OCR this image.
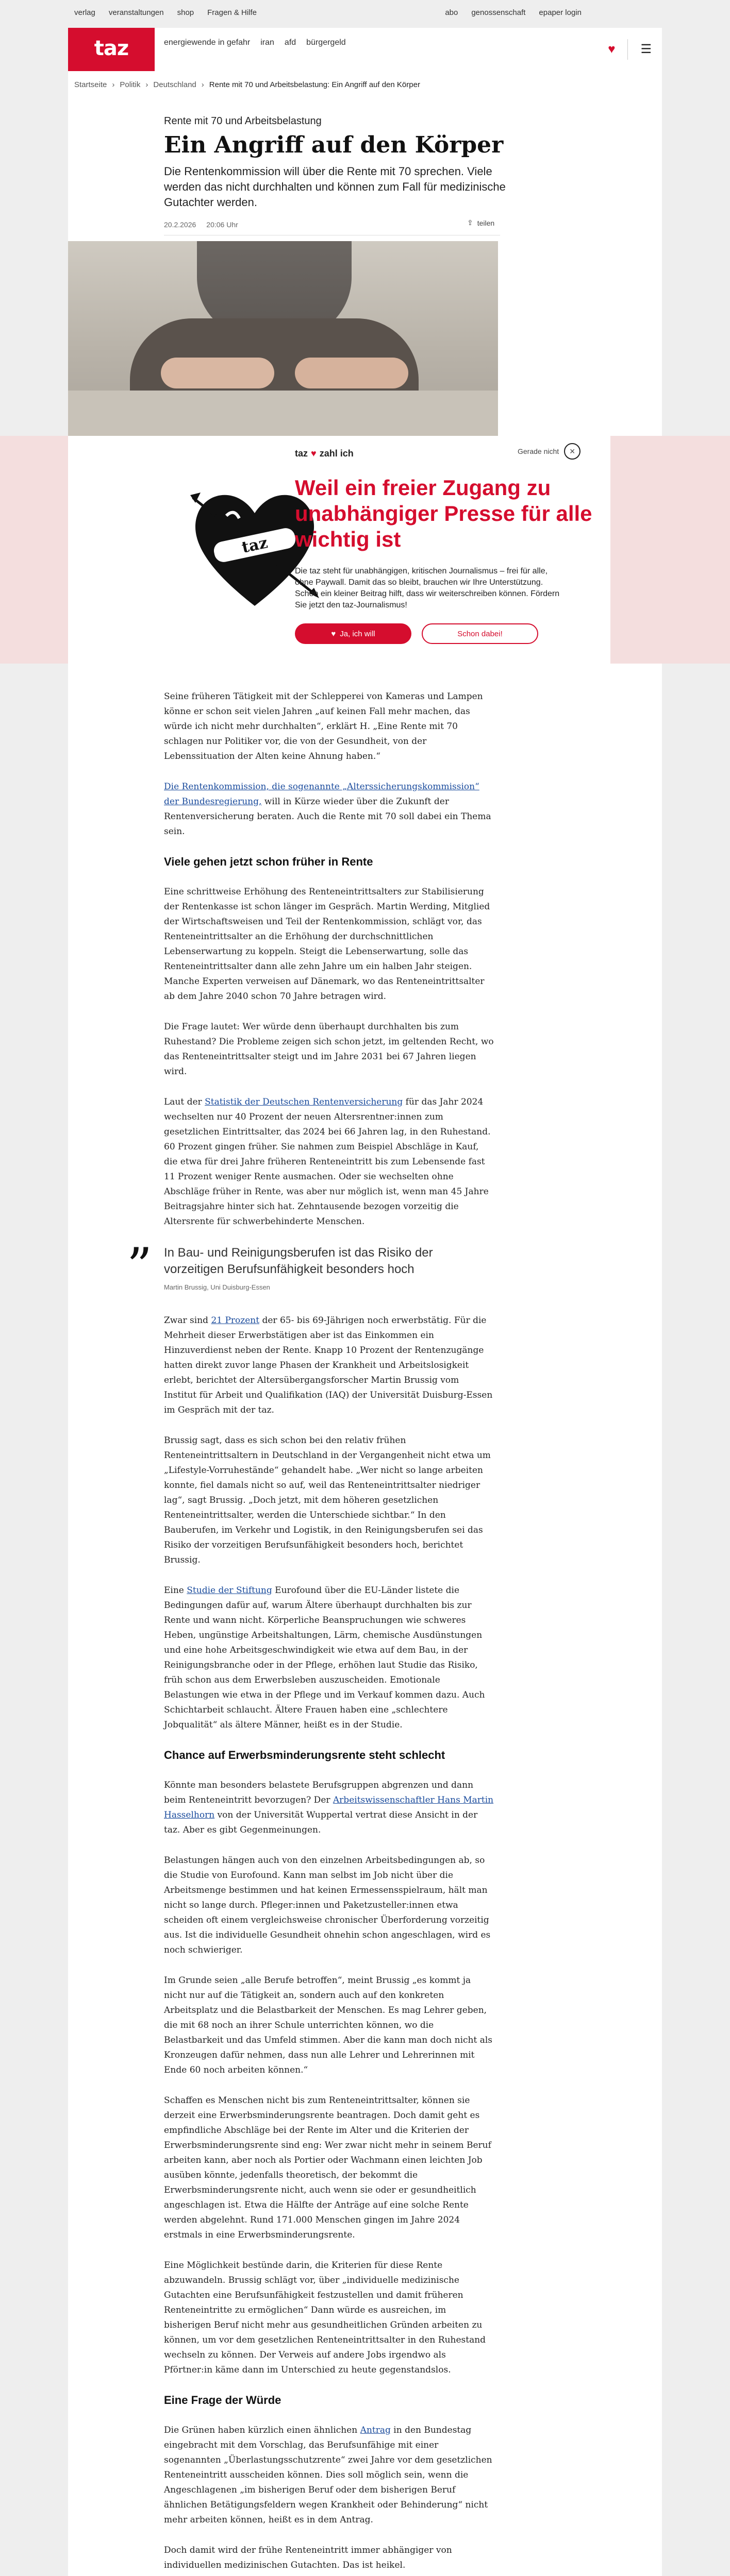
verlag veranstaltungen shop Fragen & Hilfe	abo genossenschaft epaper login
taz	energiewende in gefahr iran afd bürgergeld	♥ ☰
Startseite › Politik › Deutschland › Rente mit 70 und Arbeitsbelastung: Ein Angriff auf den Körper
Rente mit 70 und Arbeitsbelastung
Ein Angriff auf den Körper
Die Rentenkommission will über die Rente mit 70 sprechen. Viele werden das nicht durchhalten und können zum Fall für medizinische Gutachter werden.
20.2.2026 20:06 Uhr	⇪ teilen
taz
taz ♥ zahl ich	Gerade nicht	×
Weil ein freier Zugang zu unabhängiger Presse für alle wichtig ist

Die taz steht für unabhängigen, kritischen Journalismus – frei für alle, ohne Paywall. Damit das so bleibt, brauchen wir Ihre Unterstützung. Schon ein kleiner Beitrag hilft, dass wir weiterschreiben können. Fördern Sie jetzt den taz-Journalismus!

♥ Ja, ich will	Schon dabei!

Seine früheren Tätigkeit mit der Schlepperei von Kameras und Lampen könne er schon seit vielen Jahren „auf keinen Fall mehr machen, das würde ich nicht mehr durchhalten“, erklärt H. „Eine Rente mit 70 schlagen nur Politiker vor, die von der Gesundheit, von der Lebenssituation der Alten keine Ahnung haben.“

Die Rentenkommission, die sogenannte „Alterssicherungskommission“ der Bundesregierung, will in Kürze wieder über die Zukunft der Rentenversicherung beraten. Auch die Rente mit 70 soll dabei ein Thema sein.

Viele gehen jetzt schon früher in Rente

Eine schrittweise Erhöhung des Renteneintrittsalters zur Stabilisierung der Rentenkasse ist schon länger im Gespräch. Martin Werding, Mitglied der Wirtschaftsweisen und Teil der Rentenkommission, schlägt vor, das Renteneintrittsalter an die Erhöhung der durchschnittlichen Lebenserwartung zu koppeln. Steigt die Lebenserwartung, solle das Renteneintrittsalter dann alle zehn Jahre um ein halben Jahr steigen. Manche Experten verweisen auf Dänemark, wo das Renteneintrittsalter ab dem Jahre 2040 schon 70 Jahre betragen wird.

Die Frage lautet: Wer würde denn überhaupt durchhalten bis zum Ruhestand? Die Probleme zeigen sich schon jetzt, im geltenden Recht, wo das Renteneintrittsalter steigt und im Jahre 2031 bei 67 Jahren liegen wird.

Laut der Statistik der Deutschen Rentenversicherung für das Jahr 2024 wechselten nur 40 Prozent der neuen Altersrentner:innen zum gesetzlichen Eintrittsalter, das 2024 bei 66 Jahren lag, in den Ruhestand. 60 Prozent gingen früher. Sie nahmen zum Beispiel Abschläge in Kauf, die etwa für drei Jahre früheren Renteneintritt bis zum Lebensende fast 11 Prozent weniger Rente ausmachen. Oder sie wechselten ohne Abschläge früher in Rente, was aber nur möglich ist, wenn man 45 Jahre Beitragsjahre hinter sich hat. Zehntausende bezogen vorzeitig die Altersrente für schwerbehinderte Menschen.

” In Bau- und Reinigungsberufen ist das Risiko der vorzeitigen Berufsunfähigkeit besonders hoch
Martin Brussig, Uni Duisburg-Essen

Zwar sind 21 Prozent der 65- bis 69-Jährigen noch erwerbstätig. Für die Mehrheit dieser Erwerbstätigen aber ist das Einkommen ein Hinzuverdienst neben der Rente. Knapp 10 Prozent der Rentenzugänge hatten direkt zuvor lange Phasen der Krankheit und Arbeitslosigkeit erlebt, berichtet der Altersübergangsforscher Martin Brussig vom Institut für Arbeit und Qualifikation (IAQ) der Universität Duisburg-Essen im Gespräch mit der taz.

Brussig sagt, dass es sich schon bei den relativ frühen Renteneintrittsaltern in Deutschland in der Vergangenheit nicht etwa um „Lifestyle-Vorruhestände“ gehandelt habe. „Wer nicht so lange arbeiten konnte, fiel damals nicht so auf, weil das Renteneintrittsalter niedriger lag“, sagt Brussig. „Doch jetzt, mit dem höheren gesetzlichen Renteneintrittsalter, werden die Unterschiede sichtbar.“ In den Bauberufen, im Verkehr und Logistik, in den Reinigungsberufen sei das Risiko der vorzeitigen Berufsunfähigkeit besonders hoch, berichtet Brussig.

Eine Studie der Stiftung Eurofound über die EU-Länder listete die Bedingungen dafür auf, warum Ältere überhaupt durchhalten bis zur Rente und wann nicht. Körperliche Beanspruchungen wie schweres Heben, ungünstige Arbeitshaltungen, Lärm, chemische Ausdünstungen und eine hohe Arbeitsgeschwindigkeit wie etwa auf dem Bau, in der Reinigungsbranche oder in der Pflege, erhöhen laut Studie das Risiko, früh schon aus dem Erwerbsleben auszuscheiden. Emotionale Belastungen wie etwa in der Pflege und im Verkauf kommen dazu. Auch Schichtarbeit schlaucht. Ältere Frauen haben eine „schlechtere Jobqualität“ als ältere Männer, heißt es in der Studie.

Chance auf Erwerbsminderungsrente steht schlecht

Könnte man besonders belastete Berufsgruppen abgrenzen und dann beim Renteneintritt bevorzugen? Der Arbeitswissenschaftler Hans Martin Hasselhorn von der Universität Wuppertal vertrat diese Ansicht in der taz. Aber es gibt Gegenmeinungen.

Belastungen hängen auch von den einzelnen Arbeitsbedingungen ab, so die Studie von Eurofound. Kann man selbst im Job nicht über die Arbeitsmenge bestimmen und hat keinen Ermessensspielraum, hält man nicht so lange durch. Pfleger:innen und Paketzusteller:innen etwa scheiden oft einem vergleichsweise chronischer Überforderung vorzeitig aus. Ist die individuelle Gesundheit ohnehin schon angeschlagen, wird es noch schwieriger.

Im Grunde seien „alle Berufe betroffen“, meint Brussig „es kommt ja nicht nur auf die Tätigkeit an, sondern auch auf den konkreten Arbeitsplatz und die Belastbarkeit der Menschen. Es mag Lehrer geben, die mit 68 noch an ihrer Schule unterrichten können, wo die Belastbarkeit und das Umfeld stimmen. Aber die kann man doch nicht als Kronzeugen dafür nehmen, dass nun alle Lehrer und Lehrerinnen mit Ende 60 noch arbeiten können.“

Schaffen es Menschen nicht bis zum Renteneintrittsalter, können sie derzeit eine Erwerbsminderungsrente beantragen. Doch damit geht es empfindliche Abschläge bei der Rente im Alter und die Kriterien der Erwerbsminderungsrente sind eng: Wer zwar nicht mehr in seinem Beruf arbeiten kann, aber noch als Portier oder Wachmann einen leichten Job ausüben könnte, jedenfalls theoretisch, der bekommt die Erwerbsminderungsrente nicht, auch wenn sie oder er gesundheitlich angeschlagen ist. Etwa die Hälfte der Anträge auf eine solche Rente werden abgelehnt. Rund 171.000 Menschen gingen im Jahre 2024 erstmals in eine Erwerbsminderungsrente.

Eine Möglichkeit bestünde darin, die Kriterien für diese Rente abzuwandeln. Brussig schlägt vor, über „individuelle medizinische Gutachten eine Berufsunfähigkeit festzustellen und damit früheren Renteneintritte zu ermöglichen“ Dann würde es ausreichen, im bisherigen Beruf nicht mehr aus gesundheitlichen Gründen arbeiten zu können, um vor dem gesetzlichen Renteneintrittsalter in den Ruhestand wechseln zu können. Der Verweis auf andere Jobs irgendwo als Pförtner:in käme dann im Unterschied zu heute gegenstandslos.

Eine Frage der Würde

Die Grünen haben kürzlich einen ähnlichen Antrag in den Bundestag eingebracht mit dem Vorschlag, das Berufsunfähige mit einer sogenannten „Überlastungsschutzrente“ zwei Jahre vor dem gesetzlichen Renteneintritt ausscheiden können. Dies soll möglich sein, wenn die Angeschlagenen „im bisherigen Beruf oder dem bisherigen Beruf ähnlichen Betätigungsfeldern wegen Krankheit oder Behinderung“ nicht mehr arbeiten können, heißt es in dem Antrag.

Doch damit wird der frühe Renteneintritt immer abhängiger von individuellen medizinischen Gutachten. Das ist heikel.
